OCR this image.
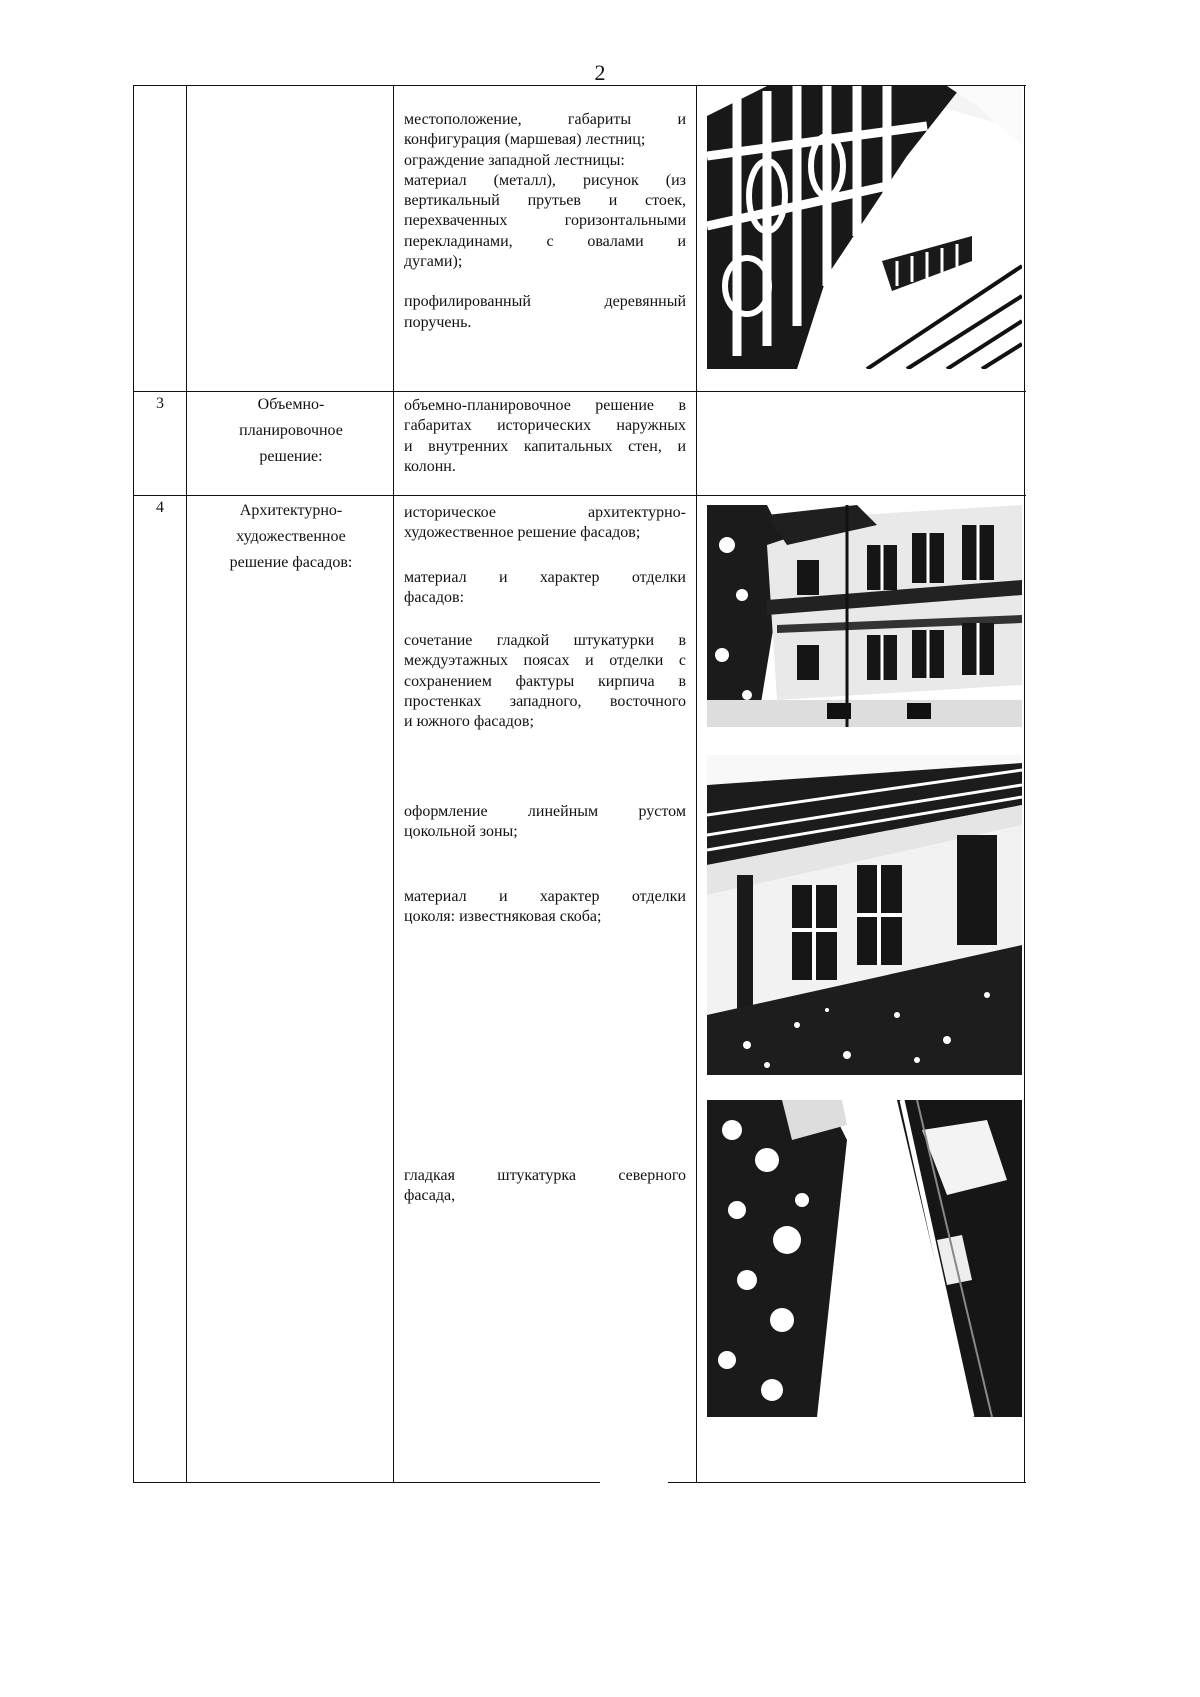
2
местоположение, габариты и
конфигурация (маршевая) лестниц;
ограждение западной лестницы:
материал (металл), рисунок (из
вертикальный прутьев и стоек,
перехваченных горизонтальными
перекладинами, с овалами и
дугами);
профилированный деревянный
поручень.
3	Объемно-
планировочное
решение:
объемно-планировочное решение в
габаритах исторических наружных
и внутренних капитальных стен, и
колонн.
4	Архитектурно-
художественное
решение фасадов:
историческое архитектурно-
художественное решение фасадов;
материал и характер отделки
фасадов:
сочетание гладкой штукатурки в
междуэтажных поясах и отделки с
сохранением фактуры кирпича в
простенках западного, восточного
и южного фасадов;
оформление линейным рустом
цокольной зоны;
материал и характер отделки
цоколя: известняковая скоба;
гладкая штукатурка северного
фасада,
